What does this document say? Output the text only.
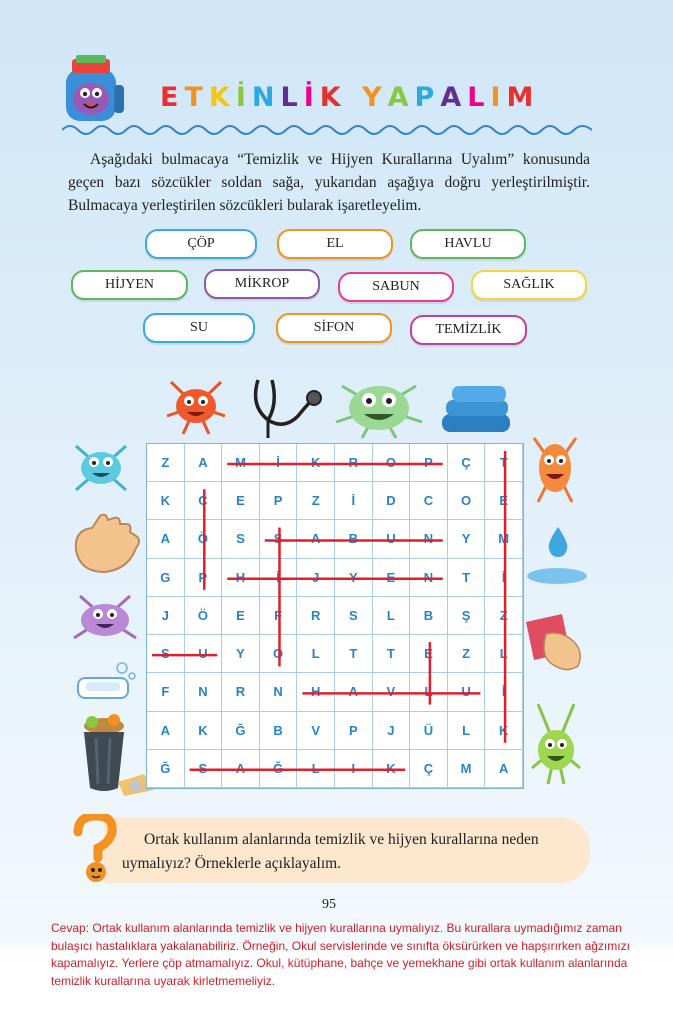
ETKİNLİK YAPALIM
Aşağıdaki bulmacaya “Temizlik ve Hijyen Kurallarına Uyalım” konusunda geçen bazı sözcükler soldan sağa, yukarıdan aşağıya doğru yerleştirilmiştir. Bulmacaya yerleştirilen sözcükleri bularak işaretleyelim.
ÇÖP	EL	HAVLU
HİJYEN	MİKROP	SABUN	SAĞLIK
SU	SİFON	TEMİZLİK
Z	A	M	İ	K	R	O	P	Ç	T
K	C	E	P	Z	İ	D	C	O	E
A	Ö	S	S	A	B	U	N	Y	M
G	P	H	İ	J	Y	E	N	T	İ
J	Ö	E	F	R	S	L	B	Ş	Z
S	U	Y	O	L	T	T	E	Z	L
F	N	R	N	H	A	V	L	U	İ
A	K	Ğ	B	V	P	J	Ü	L	K
Ğ	S	A	Ğ	L	I	K	Ç	M	A
Ortak kullanım alanlarında temizlik ve hijyen kurallarına neden uymalıyız? Örneklerle açıklayalım.
95
Cevap: Ortak kullanım alanlarında temizlik ve hijyen kurallarına uymalıyız. Bu kurallara uymadığımız zaman bulaşıcı hastalıklara yakalanabiliriz. Örneğin, Okul servislerinde ve sınıfta öksürürken ve hapşırırken ağzımızı kapamalıyız. Yerlere çöp atmamalıyız. Okul, kütüphane, bahçe ve yemekhane gibi ortak kullanım alanlarında temizlik kurallarına uyarak kirletmemeliyiz.
